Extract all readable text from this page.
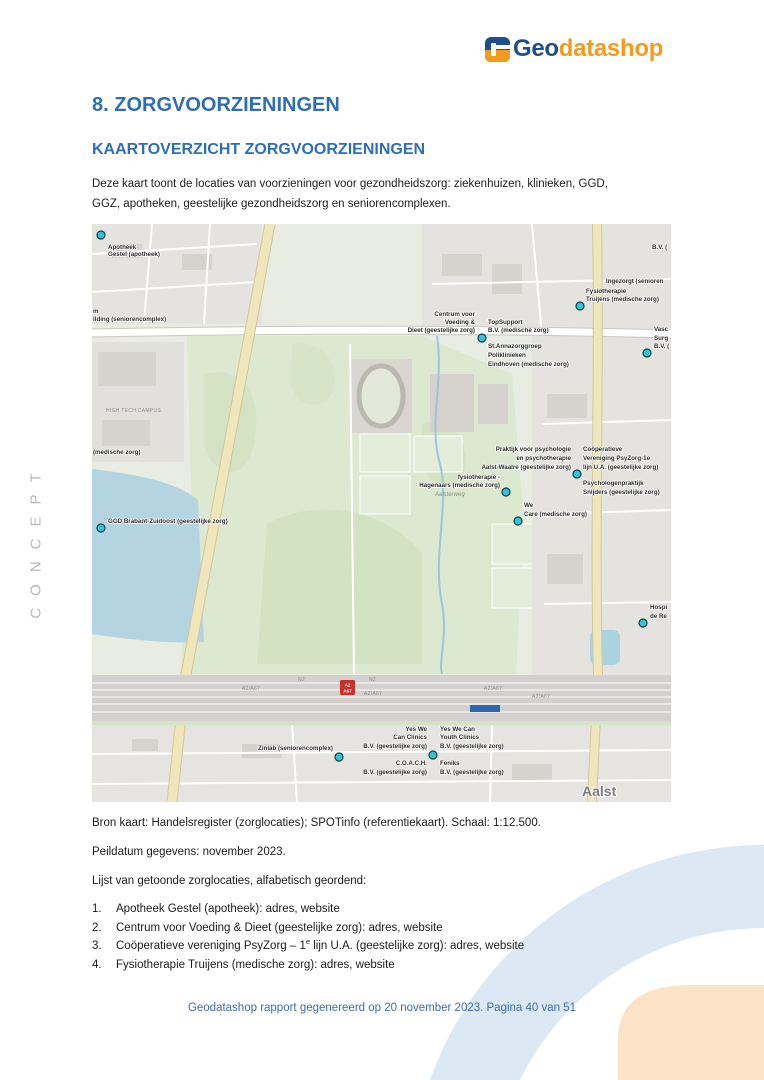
Geodatashop
CONCEPT
8. ZORGVOORZIENINGEN
KAARTOVERZICHT ZORGVOORZIENINGEN
Deze kaart toont de locaties van voorzieningen voor gezondheidszorg: ziekenhuizen, klinieken, GGD,
GGZ, apotheken, geestelijke gezondheidszorg en seniorencomplexen.
HIGH TECH CAMPUS
A2/A67
A2/A67
A2/A67
A2/A67
N2	N2
A2
A67
Aalsterweg
Aalst
Apotheek
Gestel (apotheek)
m
ilding (seniorencomplex)
Centrum voor
Voeding &
Dieet (geestelijke zorg)
TopSupport
B.V. (medische zorg)
St.Annazorggroep
Poliklinieken
Eindhoven (medische zorg)
B.V. (
Ingezorgt (senioren
Fysiotherapie
Truijens (medische zorg)
Vasc
Surg
B.V. (
(medische zorg)	Praktijk voor psychologie
en psychotherapie
Aalst-Waalre (geestelijke zorg)
fysiotherapie -
Hagenaars (medische zorg)
Coöperatieve
Vereniging PsyZorg-1e
lijn U.A. (geestelijke zorg)
Psychologenpraktijk
Snijders (geestelijke zorg)
GGD Brabant-Zuidoost (geestelijke zorg)
We
Care (medische zorg)
Hospi
de Re
Zinlab (seniorencomplex)
Yes We
Can Clinics
B.V. (geestelijke zorg)
C.O.A.C.H.
B.V. (geestelijke zorg)
Yes We Can
Youth Clinics
B.V. (geestelijke zorg)
Feniks
B.V. (geestelijke zorg)
Bron kaart: Handelsregister (zorglocaties); SPOTinfo (referentiekaart). Schaal: 1:12.500.
Peildatum gegevens: november 2023.
Lijst van getoonde zorglocaties, alfabetisch geordend:
1. Apotheek Gestel (apotheek): adres, website
2. Centrum voor Voeding & Dieet (geestelijke zorg): adres, website
3. Coöperatieve vereniging PsyZorg – 1e lijn U.A. (geestelijke zorg): adres, website
4. Fysiotherapie Truijens (medische zorg): adres, website
Geodatashop rapport gegenereerd op 20 november 2023. Pagina 40 van 51
